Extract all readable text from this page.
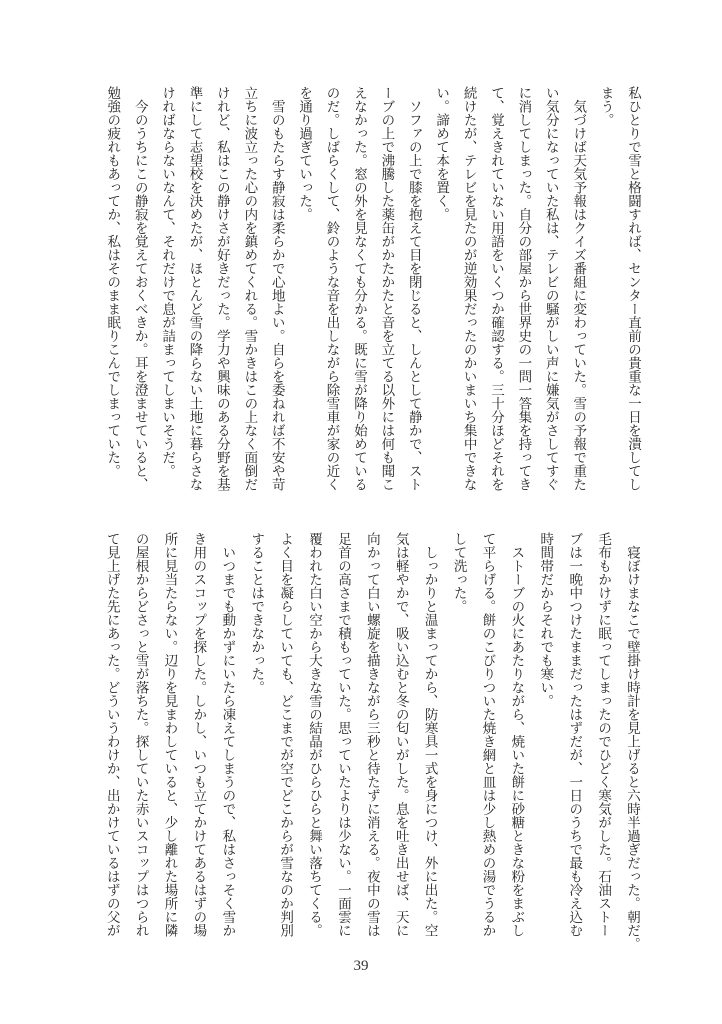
私ひとりで雪と格闘すれば、センター直前の貴重な一日を潰してし
まう。
　気づけば天気予報はクイズ番組に変わっていた。雪の予報で重た
い気分になっていた私は、テレビの騒がしい声に嫌気がさしてすぐ
に消してしまった。自分の部屋から世界史の一問一答集を持ってき
て、覚えきれていない用語をいくつか確認する。三十分ほどそれを
続けたが、テレビを見たのが逆効果だったのかいまいち集中できな
い。諦めて本を置く。
　ソファの上で膝を抱えて目を閉じると、しんとして静かで、スト
ーブの上で沸騰した薬缶がかたかたと音を立てる以外には何も聞こ
えなかった。窓の外を見なくても分かる。既に雪が降り始めている
のだ。しばらくして、鈴のような音を出しながら除雪車が家の近く
を通り過ぎていった。
　雪のもたらす静寂は柔らかで心地よい。自らを委ねれば不安や苛
立ちに波立った心の内を鎮めてくれる。雪かきはこの上なく面倒だ
けれど、私はこの静けさが好きだった。学力や興味のある分野を基
準にして志望校を決めたが、ほとんど雪の降らない土地に暮らさな
ければならないなんて、それだけで息が詰まってしまいそうだ。
　今のうちにこの静寂を覚えておくべきか。耳を澄ませていると、
勉強の疲れもあってか、私はそのまま眠りこんでしまっていた。
　寝ぼけまなこで壁掛け時計を見上げると六時半過ぎだった。朝だ。
毛布もかけずに眠ってしまったのでひどく寒気がした。石油ストー
ブは一晩中つけたままだったはずだが、一日のうちで最も冷え込む
時間帯だからそれでも寒い。
　ストーブの火にあたりながら、焼いた餅に砂糖ときな粉をまぶし
て平らげる。餅のこびりついた焼き網と皿は少し熱めの湯でうるか
して洗った。
　しっかりと温まってから、防寒具一式を身につけ、外に出た。空
気は軽やかで、吸い込むと冬の匂いがした。息を吐き出せば、天に
向かって白い螺旋を描きながら三秒と待たずに消える。夜中の雪は
足首の高さまで積もっていた。思っていたよりは少ない。一面雲に
覆われた白い空から大きな雪の結晶がひらひらと舞い落ちてくる。
よく目を凝らしていても、どこまでが空でどこからが雪なのか判別
することはできなかった。
　いつまでも動かずにいたら凍えてしまうので、私はさっそく雪か
き用のスコップを探した。しかし、いつも立てかけてあるはずの場
所に見当たらない。辺りを見まわしていると、少し離れた場所に隣
の屋根からどさっと雪が落ちた。探していた赤いスコップはつられ
て見上げた先にあった。どういうわけか、出かけているはずの父が
39
